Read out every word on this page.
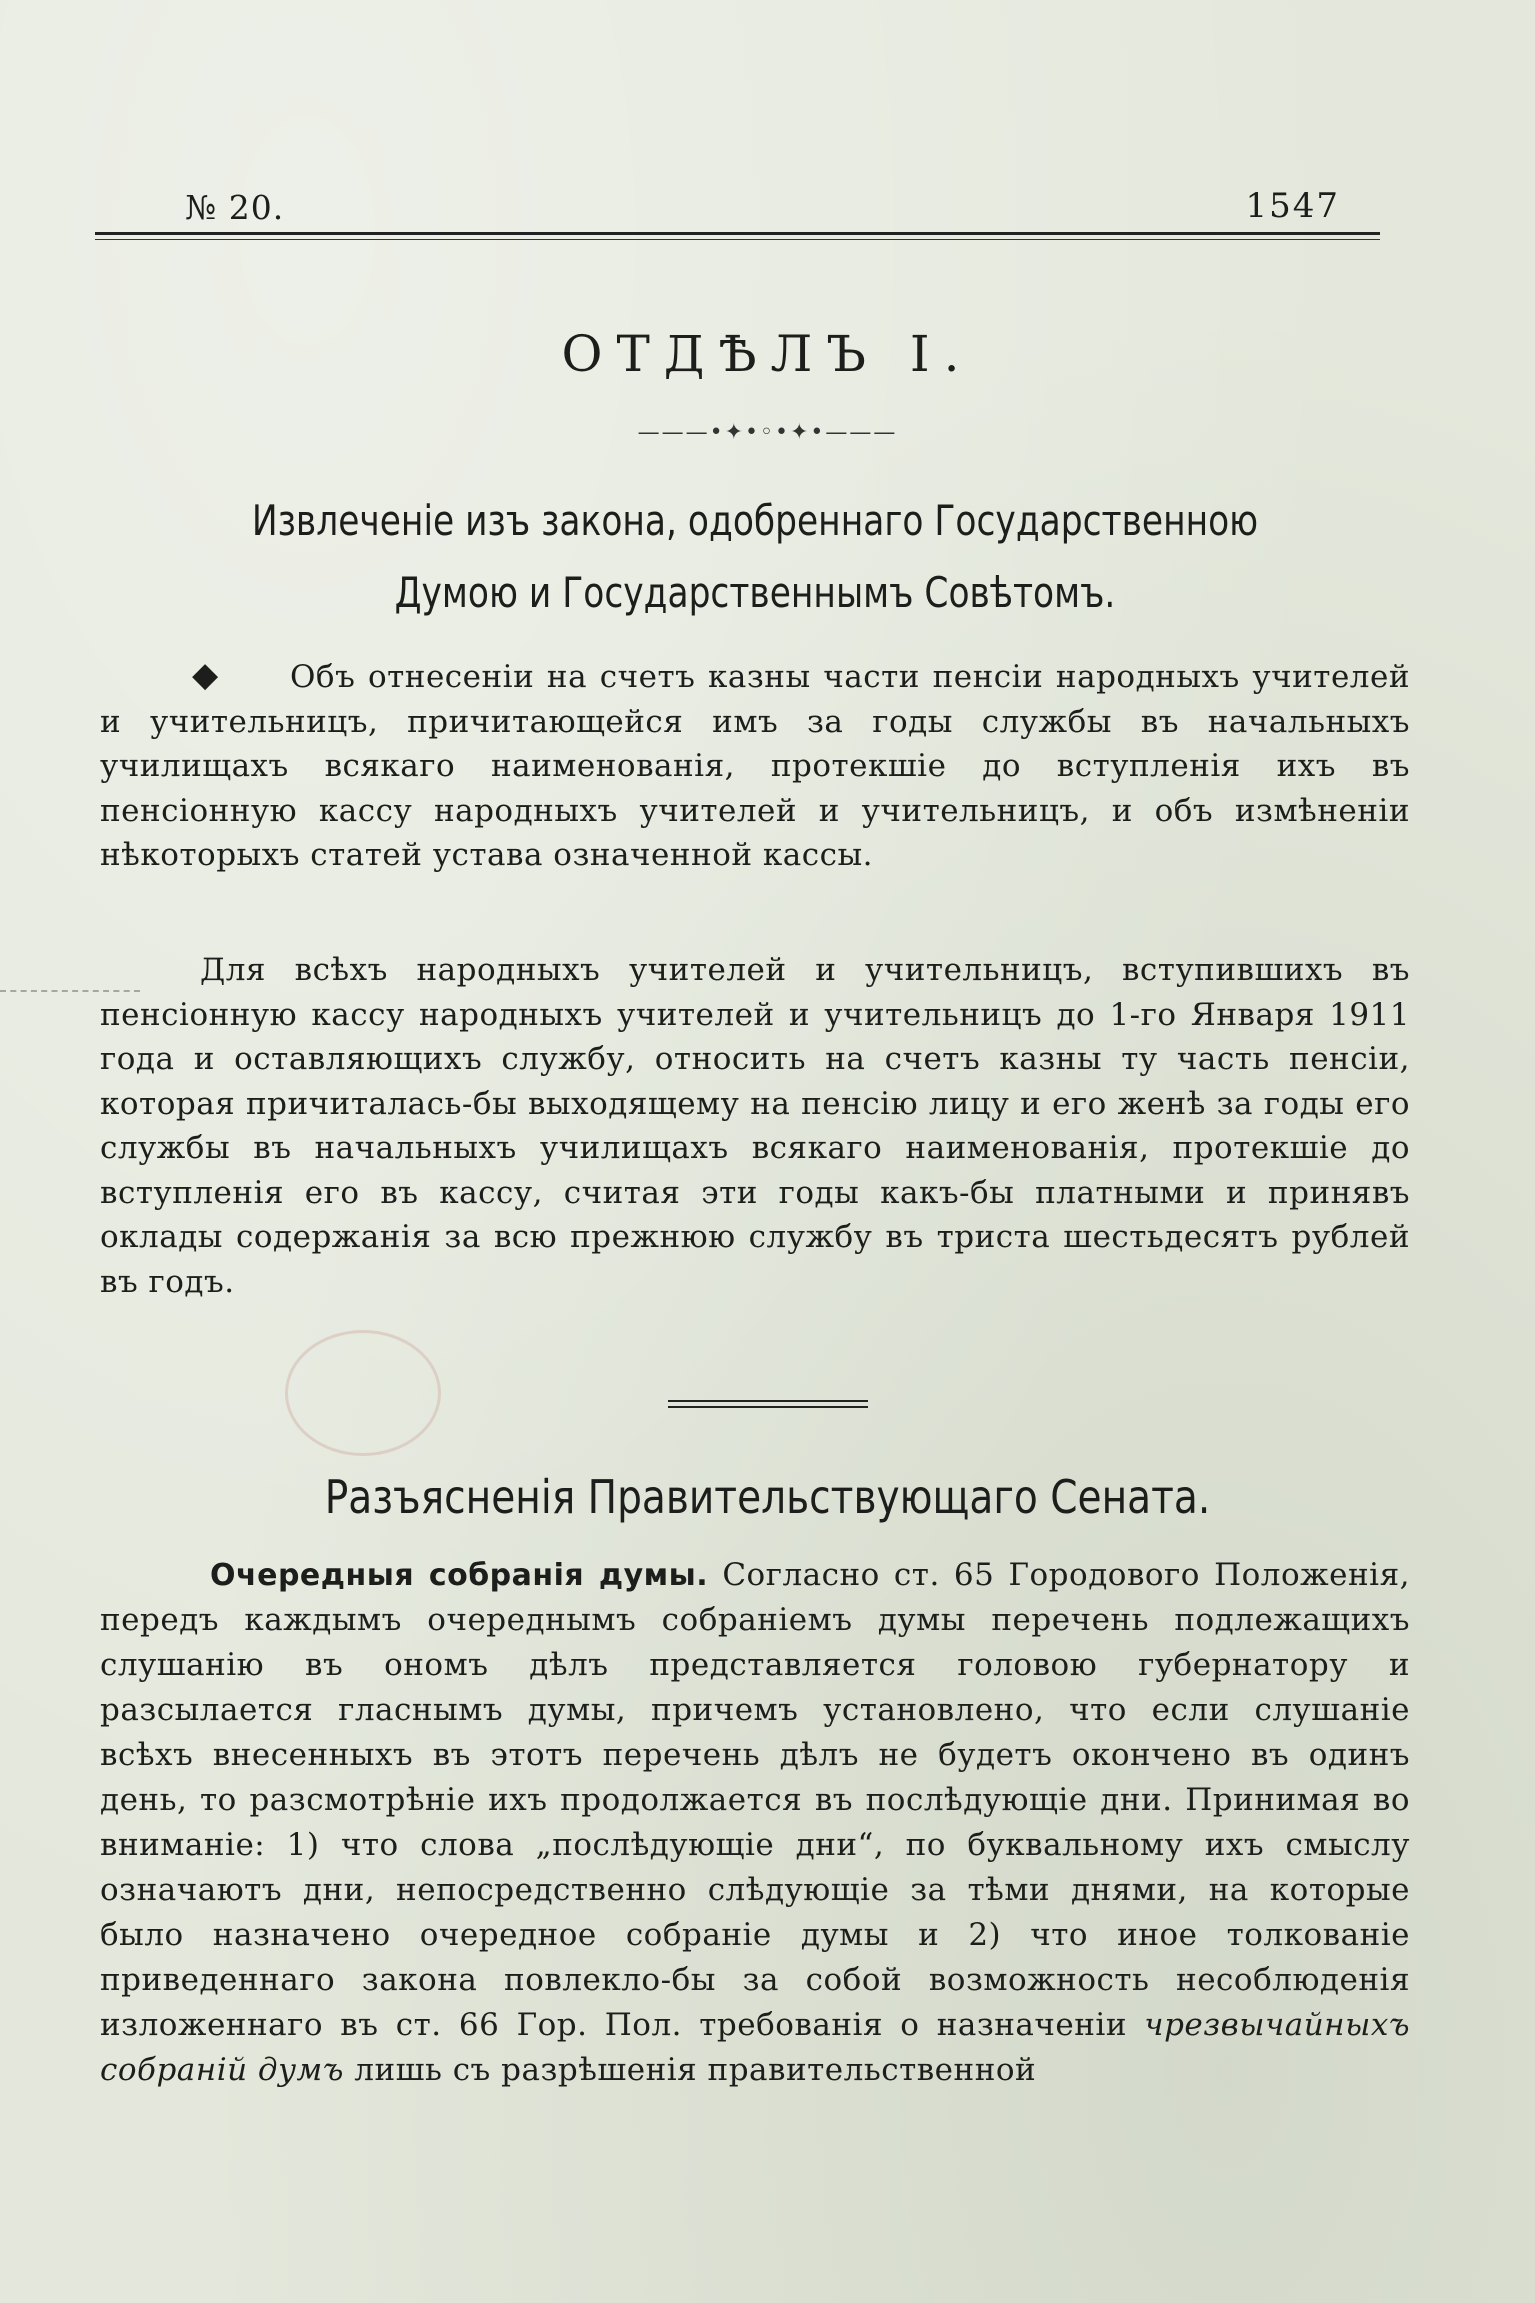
№ 20.	1547
ОТДѢЛЪ I.
———•✦•◦•✦•———
Извлеченіе изъ закона, одобреннаго Государственною Думою и Государственнымъ Совѣтомъ.
◆ Объ отнесеніи на счетъ казны части пенсіи народныхъ учителей и учительницъ, причитающейся имъ за годы службы въ начальныхъ училищахъ всякаго наименованія, протекшіе до вступленія ихъ въ пенсіонную кассу народныхъ учителей и учительницъ, и объ измѣненіи нѣкоторыхъ статей устава означенной кассы.
Для всѣхъ народныхъ учителей и учительницъ, вступившихъ въ пенсіонную кассу народныхъ учителей и учительницъ до 1-го Января 1911 года и оставляющихъ службу, относить на счетъ казны ту часть пенсіи, которая причиталась-бы выходящему на пенсію лицу и его женѣ за годы его службы въ начальныхъ училищахъ всякаго наименованія, протекшіе до вступленія его въ кассу, считая эти годы какъ-бы платными и принявъ оклады содержанія за всю прежнюю службу въ триста шестьдесятъ рублей въ годъ.
Разъясненія Правительствующаго Сената.
Очередныя собранія думы. Согласно ст. 65 Городового Положенія, передъ каждымъ очереднымъ собраніемъ думы перечень подлежащихъ слушанію въ ономъ дѣлъ представляется головою губернатору и разсылается гласнымъ думы, причемъ установлено, что если слушаніе всѣхъ внесенныхъ въ этотъ перечень дѣлъ не будетъ окончено въ одинъ день, то разсмотрѣніе ихъ продолжается въ послѣдующіе дни. Принимая во вниманіе: 1) что слова „послѣдующіе дни“, по буквальному ихъ смыслу означаютъ дни, непосредственно слѣдующіе за тѣми днями, на которые было назначено очередное собраніе думы и 2) что иное толкованіе приведеннаго закона повлекло-бы за собой возможность несоблюденія изложеннаго въ ст. 66 Гор. Пол. требованія о назначеніи чрезвычайныхъ собраній думъ лишь съ разрѣшенія правительственной
